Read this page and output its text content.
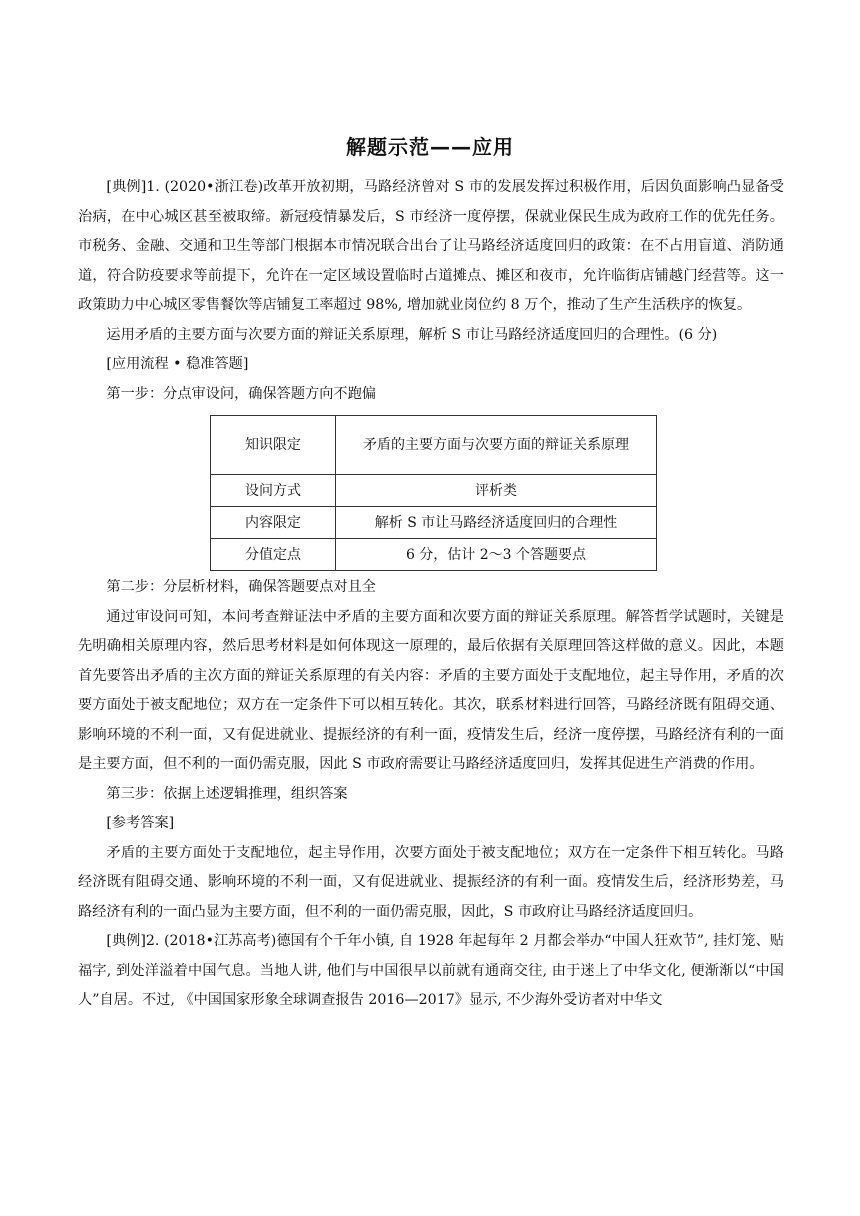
解题示范——应用

[典例]1. (2020•浙江卷)改革开放初期，马路经济曾对 S 市的发展发挥过积极作用，后因负面影响凸显备受治病，在中心城区甚至被取缔。新冠疫情暴发后，S 市经济一度停摆，保就业保民生成为政府工作的优先任务。市税务、金融、交通和卫生等部门根据本市情况联合出台了让马路经济适度回归的政策：在不占用盲道、消防通道，符合防疫要求等前提下，允许在一定区域设置临时占道摊点、摊区和夜市，允许临街店铺越门经营等。这一政策助力中心城区零售餐饮等店铺复工率超过 98%, 增加就业岗位约 8 万个，推动了生产生活秩序的恢复。

运用矛盾的主要方面与次要方面的辩证关系原理，解析 S 市让马路经济适度回归的合理性。(6 分)

[应用流程 • 稳准答题]

第一步：分点审设问，确保答题方向不跑偏

知识限定	矛盾的主要方面与次要方面的辩证关系原理
设问方式	评析类
内容限定	解析 S 市让马路经济适度回归的合理性
分值定点	6 分，估计 2～3 个答题要点

第二步：分层析材料，确保答题要点对且全

通过审设问可知，本问考查辩证法中矛盾的主要方面和次要方面的辩证关系原理。解答哲学试题时，关键是先明确相关原理内容，然后思考材料是如何体现这一原理的，最后依据有关原理回答这样做的意义。因此，本题首先要答出矛盾的主次方面的辩证关系原理的有关内容：矛盾的主要方面处于支配地位，起主导作用，矛盾的次要方面处于被支配地位；双方在一定条件下可以相互转化。其次，联系材料进行回答，马路经济既有阻碍交通、影响环境的不利一面，又有促进就业、提振经济的有利一面，疫情发生后，经济一度停摆，马路经济有利的一面是主要方面，但不利的一面仍需克服，因此 S 市政府需要让马路经济适度回归，发挥其促进生产消费的作用。

第三步：依据上述逻辑推理，组织答案

[参考答案]

矛盾的主要方面处于支配地位，起主导作用，次要方面处于被支配地位；双方在一定条件下相互转化。马路经济既有阻碍交通、影响环境的不利一面，又有促进就业、提振经济的有利一面。疫情发生后，经济形势差，马路经济有利的一面凸显为主要方面，但不利的一面仍需克服，因此，S 市政府让马路经济适度回归。

[典例]2. (2018•江苏高考)德国有个千年小镇, 自 1928 年起每年 2 月都会举办“中国人狂欢节”, 挂灯笼、贴福字, 到处洋溢着中国气息。当地人讲, 他们与中国很早以前就有通商交往, 由于迷上了中华文化, 便渐渐以“中国人”自居。不过, 《中国国家形象全球调查报告 2016—2017》显示, 不少海外受访者对中华文
